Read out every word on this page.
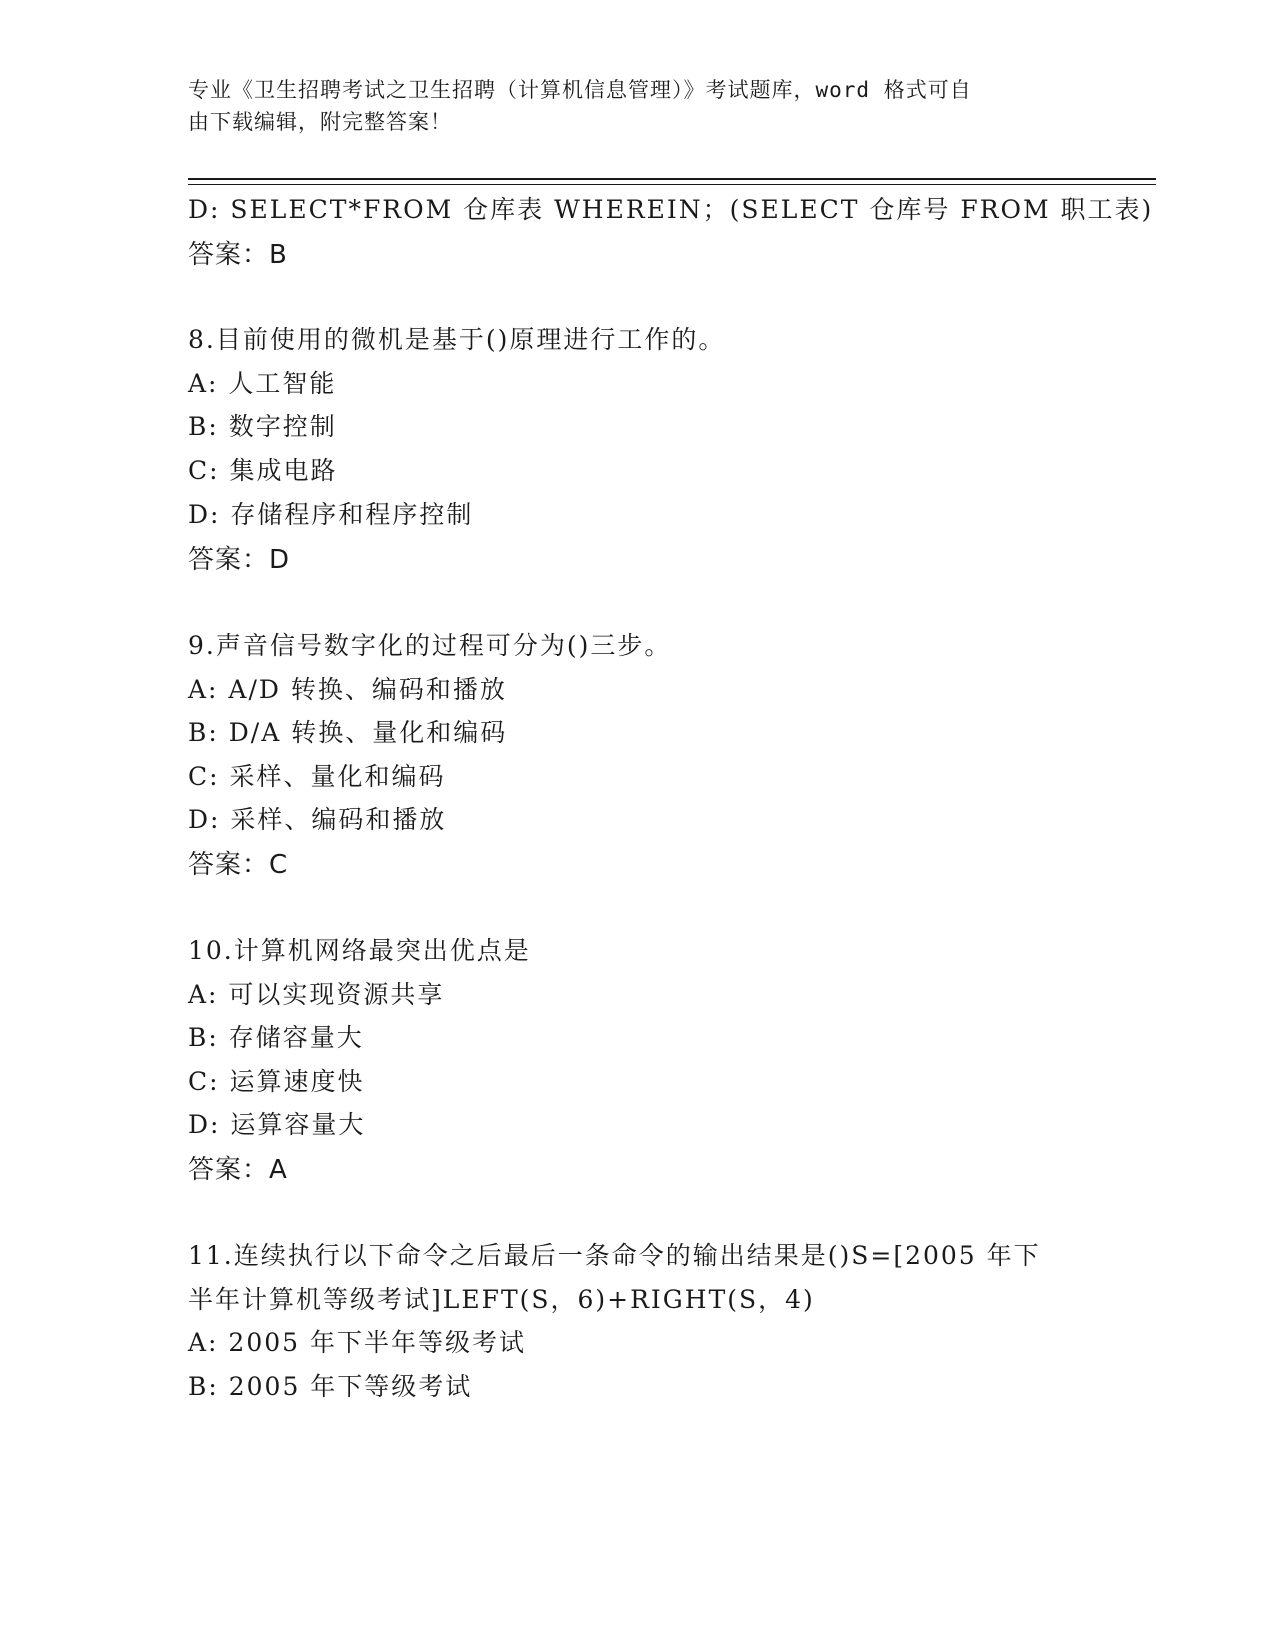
专业《卫生招聘考试之卫生招聘（计算机信息管理）》考试题库，word 格式可自
由下载编辑，附完整答案！
D: SELECT*FROM 仓库表 WHEREIN；(SELECT 仓库号 FROM 职工表)
答案：B
8.目前使用的微机是基于()原理进行工作的。
A: 人工智能
B: 数字控制
C: 集成电路
D: 存储程序和程序控制
答案：D
9.声音信号数字化的过程可分为()三步。
A: A/D 转换、编码和播放
B: D/A 转换、量化和编码
C: 采样、量化和编码
D: 采样、编码和播放
答案：C
10.计算机网络最突出优点是
A: 可以实现资源共享
B: 存储容量大
C: 运算速度快
D: 运算容量大
答案：A
11.连续执行以下命令之后最后一条命令的输出结果是()S=[2005 年下
半年计算机等级考试]LEFT(S，6)+RIGHT(S，4)
A: 2005 年下半年等级考试
B: 2005 年下等级考试
